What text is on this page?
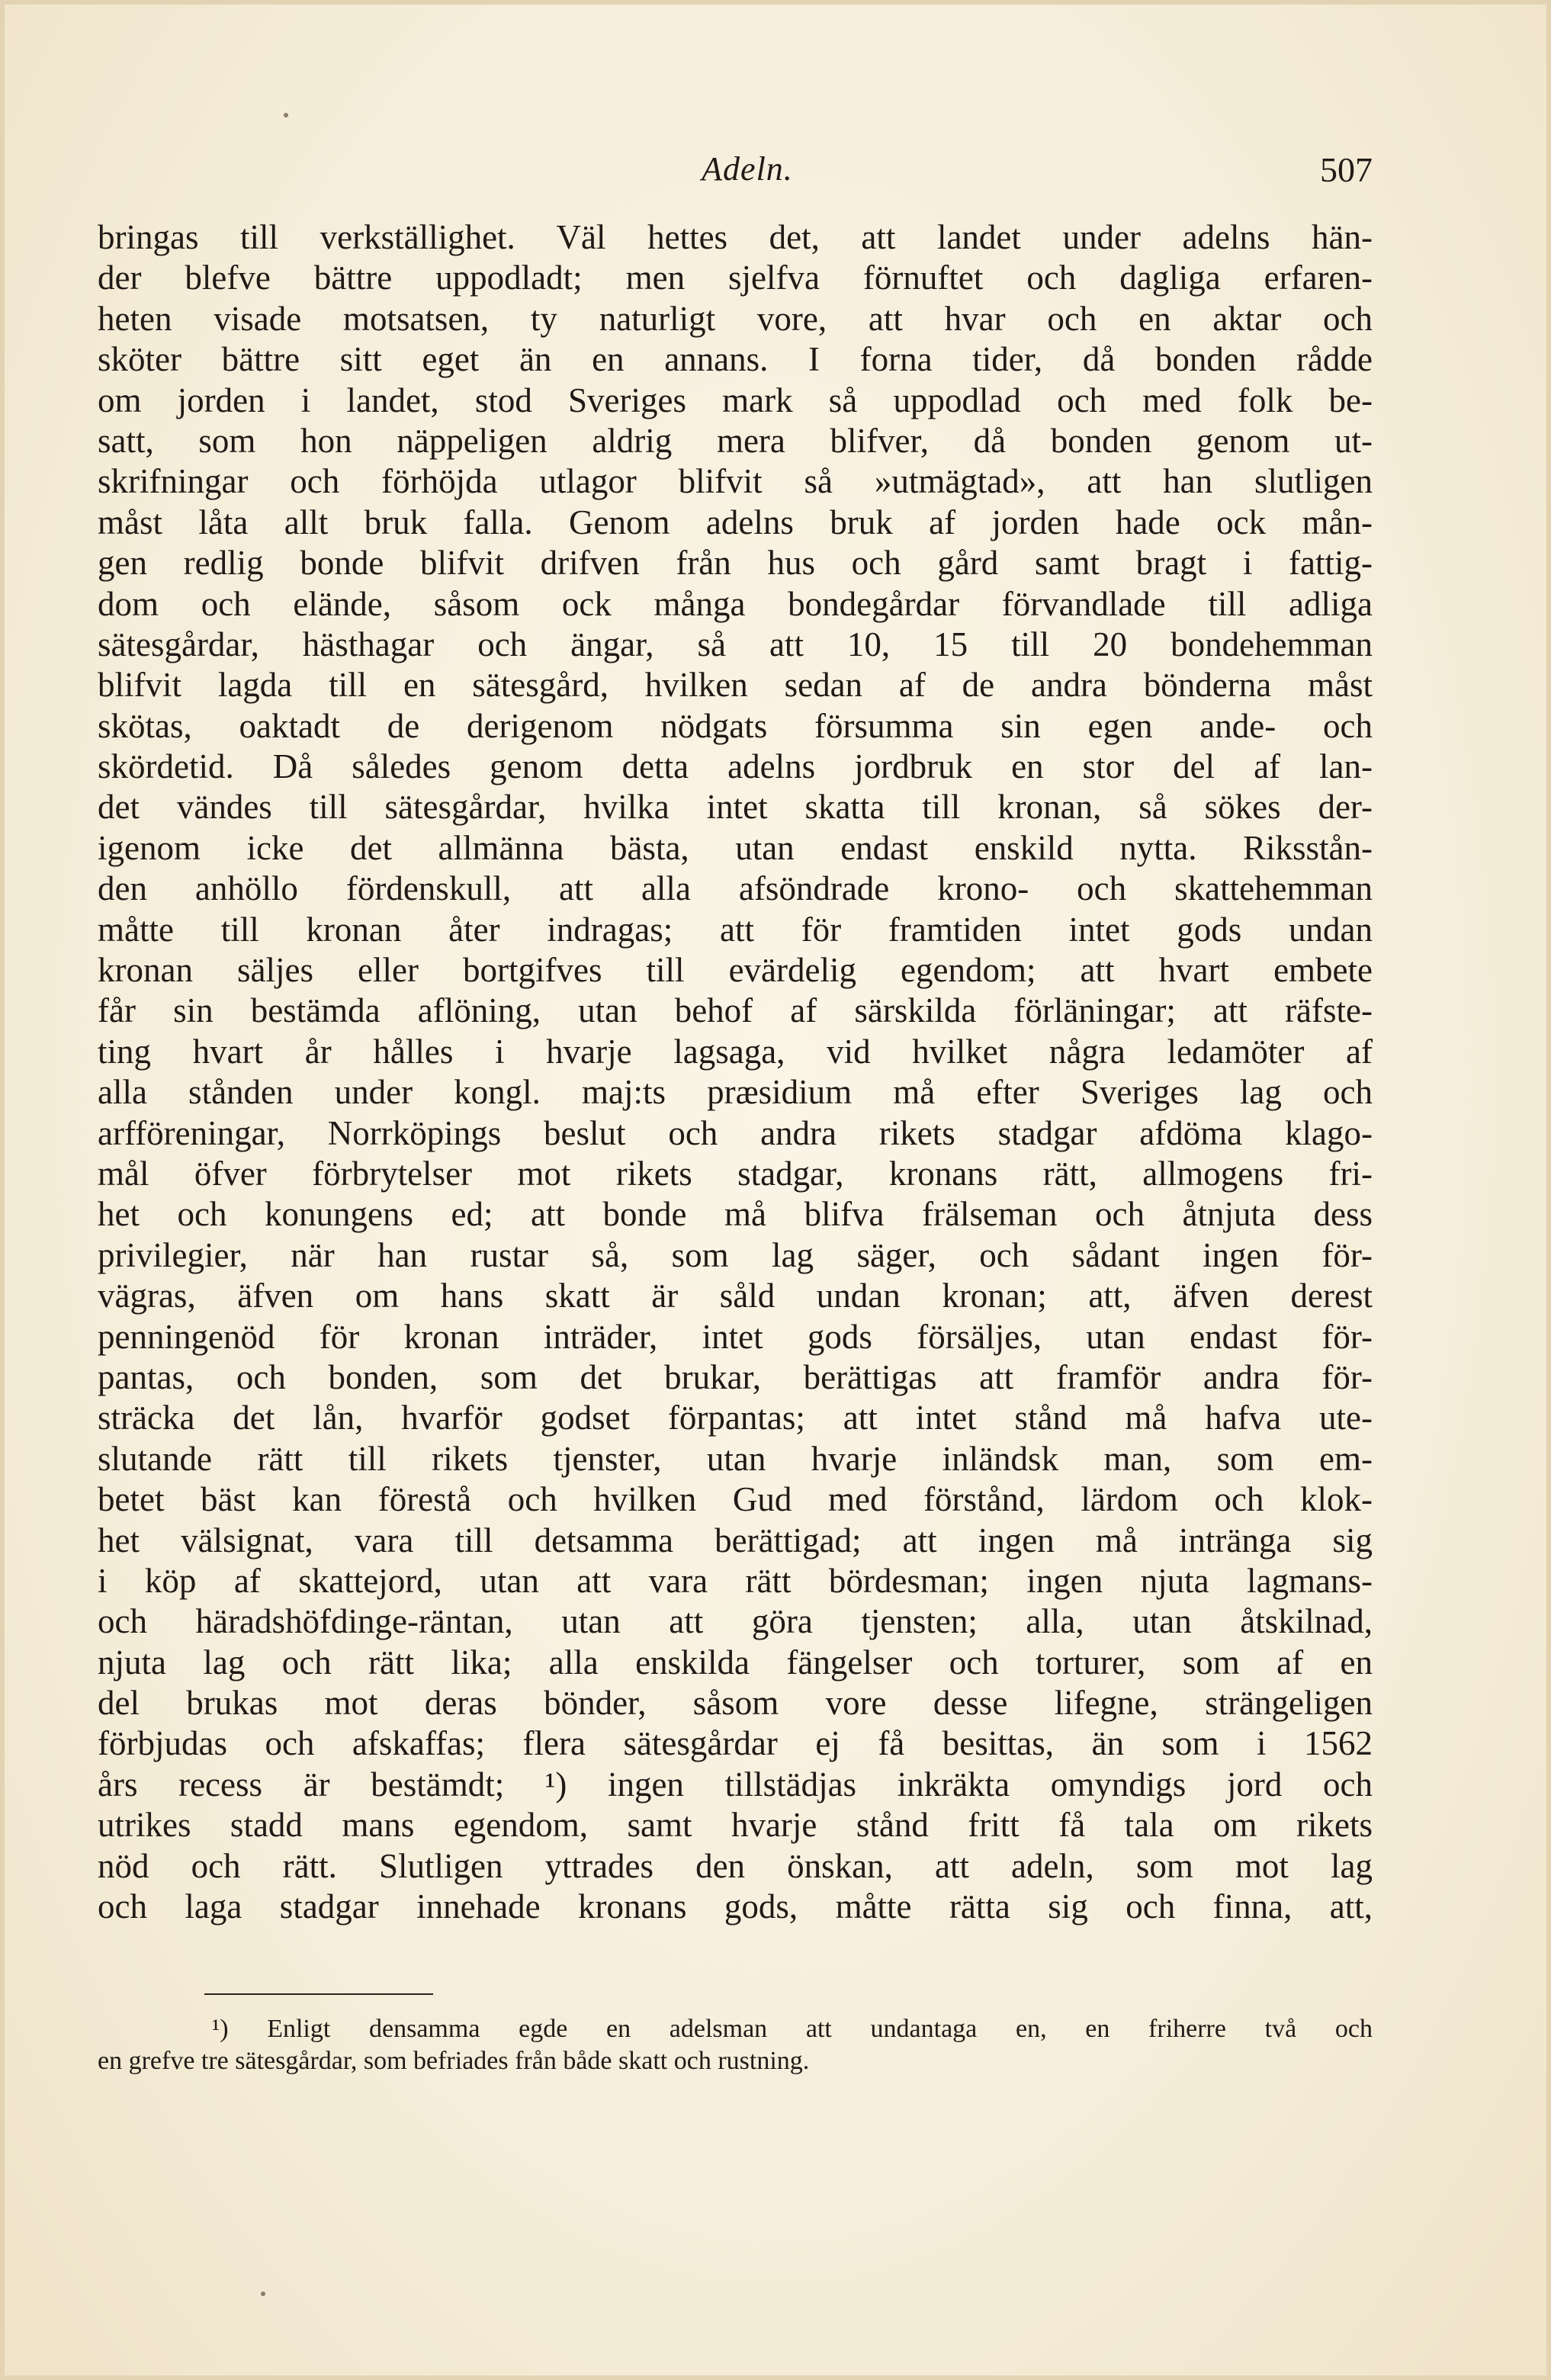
Adeln.	507
bringas till verkställighet. Väl hettes det, att landet under adelns hän-
der blefve bättre uppodladt; men sjelfva förnuftet och dagliga erfaren-
heten visade motsatsen, ty naturligt vore, att hvar och en aktar och
sköter bättre sitt eget än en annans. I forna tider, då bonden rådde
om jorden i landet, stod Sveriges mark så uppodlad och med folk be-
satt, som hon näppeligen aldrig mera blifver, då bonden genom ut-
skrifningar och förhöjda utlagor blifvit så »utmägtad», att han slutligen
måst låta allt bruk falla. Genom adelns bruk af jorden hade ock mån-
gen redlig bonde blifvit drifven från hus och gård samt bragt i fattig-
dom och elände, såsom ock många bondegårdar förvandlade till adliga
sätesgårdar, hästhagar och ängar, så att 10, 15 till 20 bondehemman
blifvit lagda till en sätesgård, hvilken sedan af de andra bönderna måst
skötas, oaktadt de derigenom nödgats försumma sin egen ande- och
skördetid. Då således genom detta adelns jordbruk en stor del af lan-
det vändes till sätesgårdar, hvilka intet skatta till kronan, så sökes der-
igenom icke det allmänna bästa, utan endast enskild nytta. Riksstån-
den anhöllo fördenskull, att alla afsöndrade krono- och skattehemman
måtte till kronan åter indragas; att för framtiden intet gods undan
kronan säljes eller bortgifves till evärdelig egendom; att hvart embete
får sin bestämda aflöning, utan behof af särskilda förläningar; att räfste-
ting hvart år hålles i hvarje lagsaga, vid hvilket några ledamöter af
alla stånden under kongl. maj:ts præsidium må efter Sveriges lag och
arfföreningar, Norrköpings beslut och andra rikets stadgar afdöma klago-
mål öfver förbrytelser mot rikets stadgar, kronans rätt, allmogens fri-
het och konungens ed; att bonde må blifva frälseman och åtnjuta dess
privilegier, när han rustar så, som lag säger, och sådant ingen för-
vägras, äfven om hans skatt är såld undan kronan; att, äfven derest
penningenöd för kronan inträder, intet gods försäljes, utan endast för-
pantas, och bonden, som det brukar, berättigas att framför andra för-
sträcka det lån, hvarför godset förpantas; att intet stånd må hafva ute-
slutande rätt till rikets tjenster, utan hvarje inländsk man, som em-
betet bäst kan förestå och hvilken Gud med förstånd, lärdom och klok-
het välsignat, vara till detsamma berättigad; att ingen må intränga sig
i köp af skattejord, utan att vara rätt bördesman; ingen njuta lagmans-
och häradshöfdinge-räntan, utan att göra tjensten; alla, utan åtskilnad,
njuta lag och rätt lika; alla enskilda fängelser och torturer, som af en
del brukas mot deras bönder, såsom vore desse lifegne, strängeligen
förbjudas och afskaffas; flera sätesgårdar ej få besittas, än som i 1562
års recess är bestämdt; ¹) ingen tillstädjas inkräkta omyndigs jord och
utrikes stadd mans egendom, samt hvarje stånd fritt få tala om rikets
nöd och rätt. Slutligen yttrades den önskan, att adeln, som mot lag
och laga stadgar innehade kronans gods, måtte rätta sig och finna, att,
¹) Enligt densamma egde en adelsman att undantaga en, en friherre två och
en grefve tre sätesgårdar, som befriades från både skatt och rustning.
